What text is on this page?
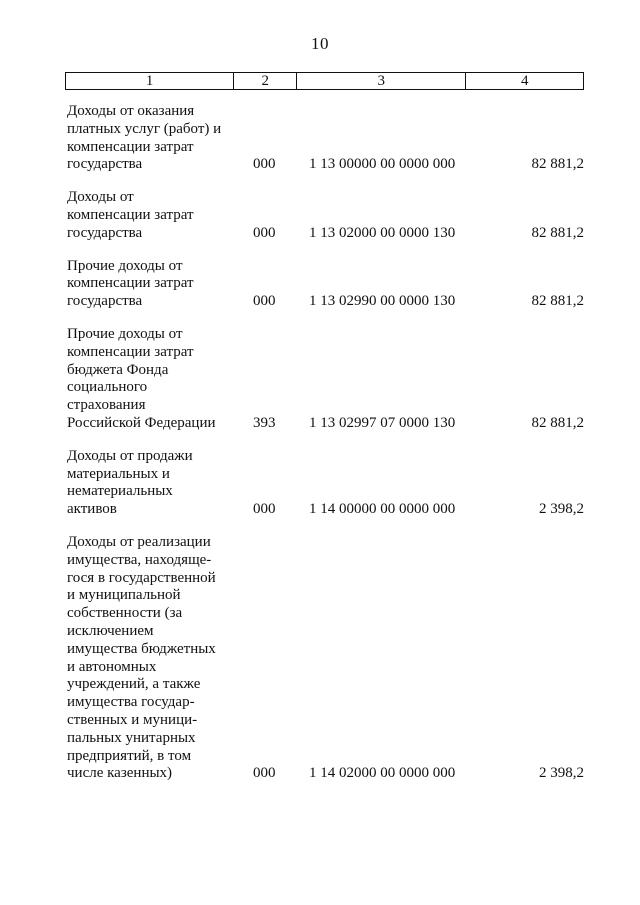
10
1	2	3	4
Доходы от оказания
платных услуг (работ) и
компенсации затрат
государства	000 1 13 00000 00 0000 000	82 881,2
Доходы от
компенсации затрат
государства	000 1 13 02000 00 0000 130	82 881,2
Прочие доходы от
компенсации затрат
государства	000 1 13 02990 00 0000 130	82 881,2
Прочие доходы от
компенсации затрат
бюджета Фонда
социального
страхования
Российской Федерации	393 1 13 02997 07 0000 130	82 881,2
Доходы от продажи
материальных и
нематериальных
активов	000 1 14 00000 00 0000 000	2 398,2
Доходы от реализации
имущества, находяще-
гося в государственной
и муниципальной
собственности (за
исключением
имущества бюджетных
и автономных
учреждений, а также
имущества государ-
ственных и муници-
пальных унитарных
предприятий, в том
числе казенных)	000 1 14 02000 00 0000 000	2 398,2
